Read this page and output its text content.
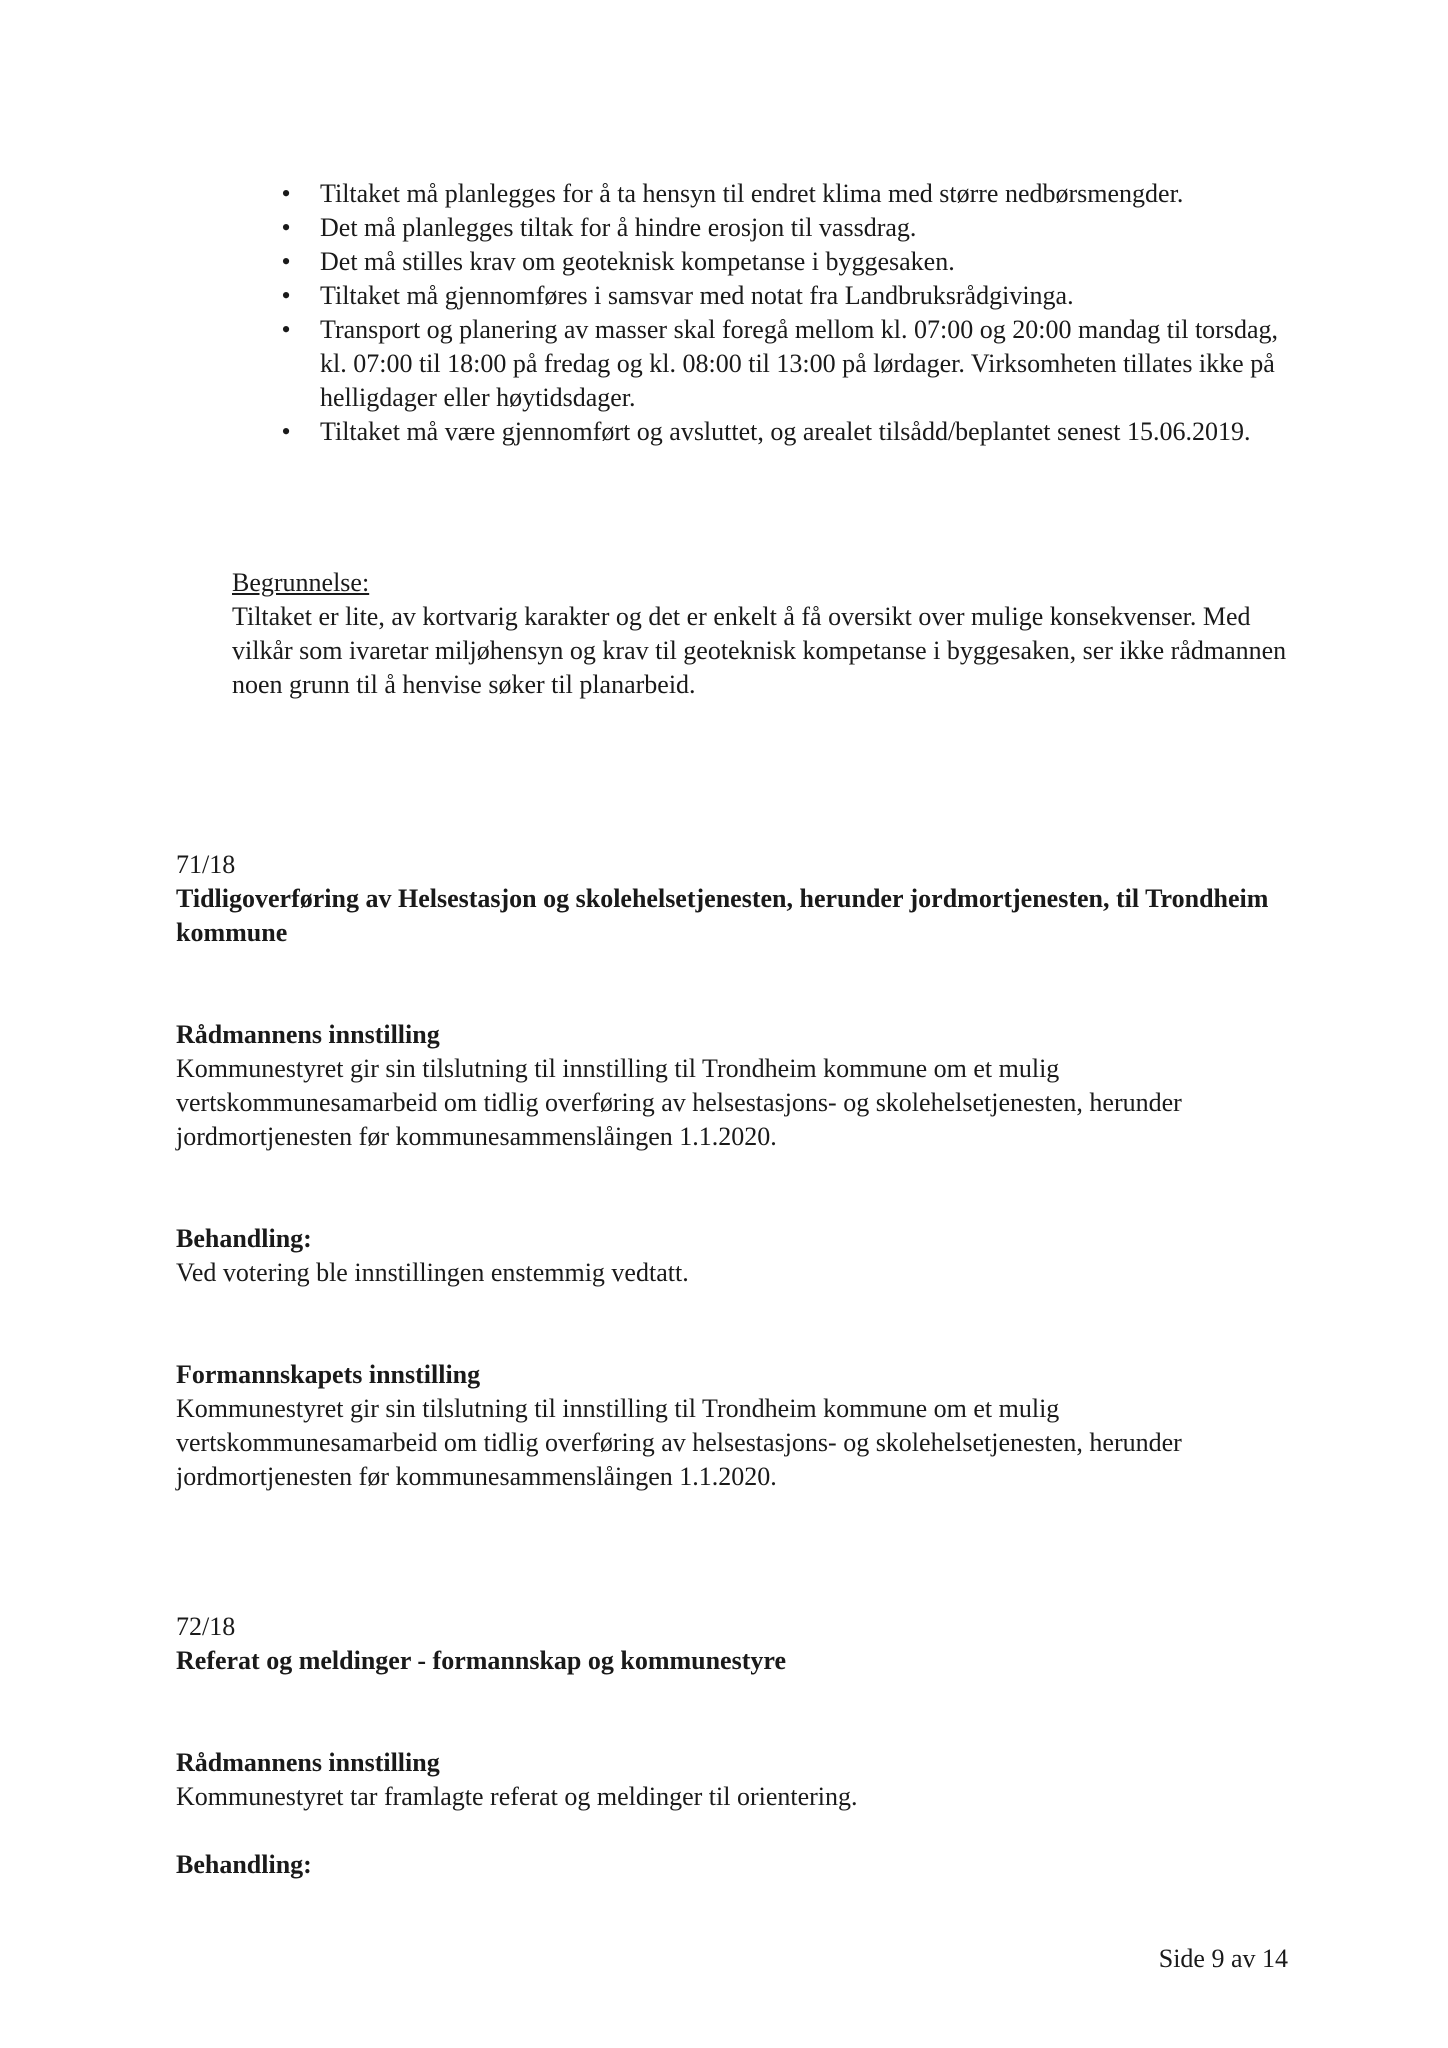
• Tiltaket må planlegges for å ta hensyn til endret klima med større nedbørsmengder.
• Det må planlegges tiltak for å hindre erosjon til vassdrag.
• Det må stilles krav om geoteknisk kompetanse i byggesaken.
• Tiltaket må gjennomføres i samsvar med notat fra Landbruksrådgivinga.
• Transport og planering av masser skal foregå mellom kl. 07:00 og 20:00 mandag til torsdag, kl. 07:00 til 18:00 på fredag og kl. 08:00 til 13:00 på lørdager. Virksomheten tillates ikke på helligdager eller høytidsdager.
• Tiltaket må være gjennomført og avsluttet, og arealet tilsådd/beplantet senest 15.06.2019.

Begrunnelse:

Tiltaket er lite, av kortvarig karakter og det er enkelt å få oversikt over mulige konsekvenser. Med vilkår som ivaretar miljøhensyn og krav til geoteknisk kompetanse i byggesaken, ser ikke rådmannen noen grunn til å henvise søker til planarbeid.

71/18

Tidligoverføring av Helsestasjon og skolehelsetjenesten, herunder jordmortjenesten, til Trondheim kommune

Rådmannens innstilling

Kommunestyret gir sin tilslutning til innstilling til Trondheim kommune om et mulig vertskommunesamarbeid om tidlig overføring av helsestasjons- og skolehelsetjenesten, herunder jordmortjenesten før kommunesammenslåingen 1.1.2020.

Behandling:

Ved votering ble innstillingen enstemmig vedtatt.

Formannskapets innstilling

Kommunestyret gir sin tilslutning til innstilling til Trondheim kommune om et mulig vertskommunesamarbeid om tidlig overføring av helsestasjons- og skolehelsetjenesten, herunder jordmortjenesten før kommunesammenslåingen 1.1.2020.

72/18

Referat og meldinger - formannskap og kommunestyre

Rådmannens innstilling

Kommunestyret tar framlagte referat og meldinger til orientering.

Behandling:

Side 9 av 14
